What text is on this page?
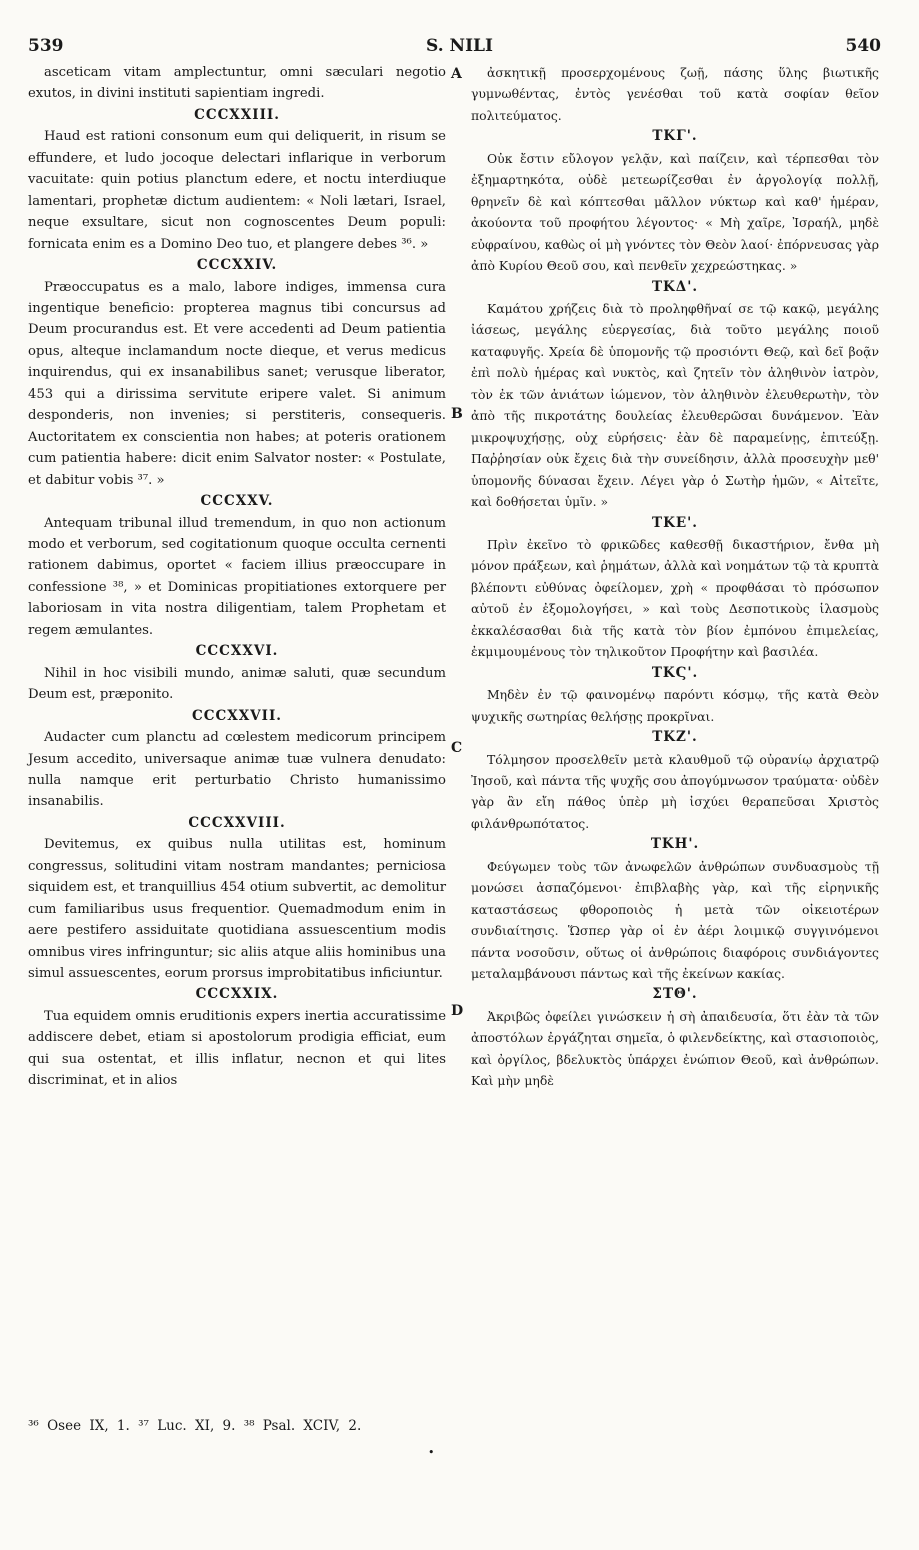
539	S. NILI	540

asceticam vitam amplectuntur, omni sæculari negotio exutos, in divini instituti sapientiam ingredi.

CCCXXIII.

Haud est rationi consonum eum qui deliquerit, in risum se effundere, et ludo jocoque delectari inflarique in verborum vacuitate: quin potius planctum edere, et noctu interdiuque lamentari, prophetæ dictum audientem: « Noli lætari, Israel, neque exsultare, sicut non cognoscentes Deum populi: fornicata enim es a Domino Deo tuo, et plangere debes ³⁶. »

CCCXXIV.

Præoccupatus es a malo, labore indiges, immensa cura ingentique beneficio: propterea magnus tibi concursus ad Deum procurandus est. Et vere accedenti ad Deum patientia opus, alteque inclamandum nocte dieque, et verus medicus inquirendus, qui ex insanabilibus sanet; verusque liberator, 453 qui a dirissima servitute eripere valet. Si animum desponderis, non invenies; si perstiteris, consequeris. Auctoritatem ex conscientia non habes; at poteris orationem cum patientia habere: dicit enim Salvator noster: « Postulate, et dabitur vobis ³⁷. »

CCCXXV.

Antequam tribunal illud tremendum, in quo non actionum modo et verborum, sed cogitationum quoque occulta cernenti rationem dabimus, oportet « faciem illius præoccupare in confessione ³⁸, » et Dominicas propitiationes extorquere per laboriosam in vita nostra diligentiam, talem Prophetam et regem æmulantes.

CCCXXVI.

Nihil in hoc visibili mundo, animæ saluti, quæ secundum Deum est, præponito.

CCCXXVII.

Audacter cum planctu ad cœlestem medicorum principem Jesum accedito, universaque animæ tuæ vulnera denudato: nulla namque erit perturbatio Christo humanissimo insanabilis.

CCCXXVIII.

Devitemus, ex quibus nulla utilitas est, hominum congressus, solitudini vitam nostram mandantes; perniciosa siquidem est, et tranquillius 454 otium subvertit, ac demolitur cum familiaribus usus frequentior. Quemadmodum enim in aere pestifero assiduitate quotidiana assuescentium modis omnibus vires infringuntur; sic aliis atque aliis hominibus una simul assuescentes, eorum prorsus improbitatibus inficiuntur.

CCCXXIX.

Tua equidem omnis eruditionis expers inertia accuratissime addiscere debet, etiam si apostolorum prodigia efficiat, eum qui sua ostentat, et illis inflatur, necnon et qui lites discriminat, et in alios

ἀσκητικῇ προσερχομένους ζωῇ, πάσης ὕλης βιωτικῆς γυμνωθέντας, ἐντὸς γενέσθαι τοῦ κατὰ σοφίαν θεῖον πολιτεύματος.

ΤΚΓ'.

Οὐκ ἔστιν εὔλογον γελᾷν, καὶ παίζειν, καὶ τέρπεσθαι τὸν ἐξημαρτηκότα, οὐδὲ μετεωρίζεσθαι ἐν ἀργολογίᾳ πολλῇ, θρηνεῖν δὲ καὶ κόπτεσθαι μᾶλλον νύκτωρ καὶ καθ' ἡμέραν, ἀκούοντα τοῦ προφήτου λέγοντος· « Μὴ χαῖρε, Ἰσραήλ, μηδὲ εὐφραίνου, καθὼς οἱ μὴ γνόντες τὸν Θεὸν λαοί· ἐπόρνευσας γὰρ ἀπὸ Κυρίου Θεοῦ σου, καὶ πενθεῖν χεχρεώστηκας. »

ΤΚΔ'.

Καμάτου χρήζεις διὰ τὸ προληφθῆναί σε τῷ κακῷ, μεγάλης ἰάσεως, μεγάλης εὐεργεσίας, διὰ τοῦτο μεγάλης ποιοῦ καταφυγῆς. Χρεία δὲ ὑπομονῆς τῷ προσιόντι Θεῷ, καὶ δεῖ βοᾷν ἐπὶ πολὺ ἡμέρας καὶ νυκτὸς, καὶ ζητεῖν τὸν ἀληθινὸν ἰατρὸν, τὸν ἐκ τῶν ἀνιάτων ἰώμενον, τὸν ἀληθινὸν ἐλευθερωτὴν, τὸν ἀπὸ τῆς πικροτάτης δουλείας ἐλευθερῶσαι δυνάμενον. Ἐὰν μικροψυχήσῃς, οὐχ εὑρήσεις· ἐὰν δὲ παραμείνῃς, ἐπιτεύξῃ. Παῤῥησίαν οὐκ ἔχεις διὰ τὴν συνείδησιν, ἀλλὰ προσευχὴν μεθ' ὑπομονῆς δύνασαι ἔχειν. Λέγει γὰρ ὁ Σωτὴρ ἡμῶν, « Αἰτεῖτε, καὶ δοθήσεται ὑμῖν. »

ΤΚΕ'.

Πρὶν ἐκεῖνο τὸ φρικῶδες καθεσθῇ δικαστήριον, ἔνθα μὴ μόνον πράξεων, καὶ ῥημάτων, ἀλλὰ καὶ νοημάτων τῷ τὰ κρυπτὰ βλέποντι εὐθύνας ὀφείλομεν, χρὴ « προφθάσαι τὸ πρόσωπον αὐτοῦ ἐν ἐξομολογήσει, » καὶ τοὺς Δεσποτικοὺς ἱλασμοὺς ἐκκαλέσασθαι διὰ τῆς κατὰ τὸν βίον ἐμπόνου ἐπιμελείας, ἐκμιμουμένους τὸν τηλικοῦτον Προφήτην καὶ βασιλέα.

ΤΚϚ'.

Μηδὲν ἐν τῷ φαινομένῳ παρόντι κόσμῳ, τῆς κατὰ Θεὸν ψυχικῆς σωτηρίας θελήσῃς προκρῖναι.

ΤΚΖ'.

Τόλμησον προσελθεῖν μετὰ κλαυθμοῦ τῷ οὐρανίῳ ἀρχιατρῷ Ἰησοῦ, καὶ πάντα τῆς ψυχῆς σου ἀπογύμνωσον τραύματα· οὐδὲν γὰρ ἂν εἴη πάθος ὑπὲρ μὴ ἰσχύει θεραπεῦσαι Χριστὸς φιλάνθρωπότατος.

ΤΚΗ'.

Φεύγωμεν τοὺς τῶν ἀνωφελῶν ἀνθρώπων συνδυασμοὺς τῇ μονώσει ἀσπαζόμενοι· ἐπιβλαβὴς γὰρ, καὶ τῆς εἰρηνικῆς καταστάσεως φθοροποιὸς ἡ μετὰ τῶν οἰκειοτέρων συνδιαίτησις. Ὥσπερ γὰρ οἱ ἐν ἀέρι λοιμικῷ συγγινόμενοι πάντα νοσοῦσιν, οὕτως οἱ ἀνθρώποις διαφόροις συνδιάγοντες μεταλαμβάνουσι πάντως καὶ τῆς ἐκείνων κακίας.

ΣΤΘ'.

Ἀκριβῶς ὀφείλει γινώσκειν ἡ σὴ ἀπαιδευσία, ὅτι ἐὰν τὰ τῶν ἀποστόλων ἐργάζηται σημεῖα, ὁ φιλενδείκτης, καὶ στασιοποιὸς, καὶ ὀργίλος, βδελυκτὸς ὑπάρχει ἐνώπιον Θεοῦ, καὶ ἀνθρώπων. Καὶ μὴν μηδὲ

A
B
C
D
³⁶ Osee IX, 1. ³⁷ Luc. XI, 9. ³⁸ Psal. XCIV, 2.
•
